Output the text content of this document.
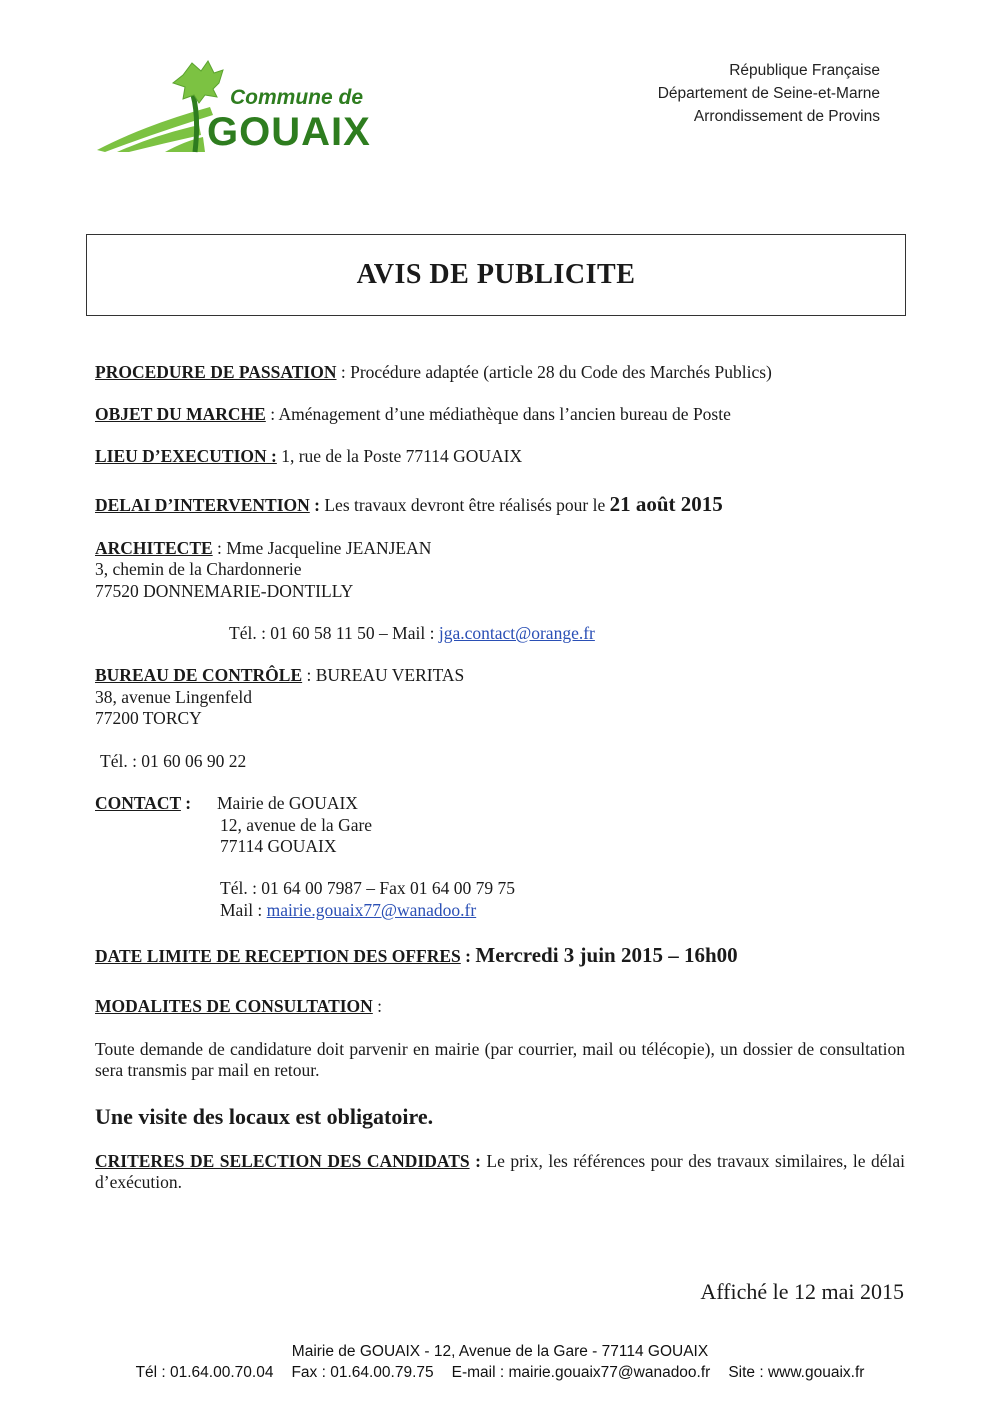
Commune de
GOUAIX
République Française
Département de Seine-et-Marne
Arrondissement de Provins
AVIS DE PUBLICITE
PROCEDURE DE PASSATION : Procédure adaptée (article 28 du Code des Marchés Publics)
OBJET DU MARCHE : Aménagement d’une médiathèque dans l’ancien bureau de Poste
LIEU D’EXECUTION : 1, rue de la Poste 77114 GOUAIX
DELAI D’INTERVENTION : Les travaux devront être réalisés pour le 21 août 2015
ARCHITECTE : Mme Jacqueline JEANJEAN
3, chemin de la Chardonnerie
77520 DONNEMARIE-DONTILLY
Tél. : 01 60 58 11 50 – Mail : jga.contact@orange.fr
BUREAU DE CONTRÔLE : BUREAU VERITAS
38, avenue Lingenfeld
77200 TORCY
Tél. : 01 60 06 90 22
CONTACT : Mairie de GOUAIX
12, avenue de la Gare
77114 GOUAIX
Tél. : 01 64 00 7987 – Fax 01 64 00 79 75
Mail : mairie.gouaix77@wanadoo.fr
DATE LIMITE DE RECEPTION DES OFFRES : Mercredi 3 juin 2015 – 16h00
MODALITES DE CONSULTATION :
Toute demande de candidature doit parvenir en mairie (par courrier, mail ou télécopie), un dossier de consultation sera transmis par mail en retour.
Une visite des locaux est obligatoire.
CRITERES DE SELECTION DES CANDIDATS : Le prix, les références pour des travaux similaires, le délai d’exécution.
Affiché le 12 mai 2015
Mairie de GOUAIX - 12, Avenue de la Gare - 77114 GOUAIX
Tél : 01.64.00.70.04 Fax : 01.64.00.79.75 E-mail : mairie.gouaix77@wanadoo.fr Site : www.gouaix.fr
